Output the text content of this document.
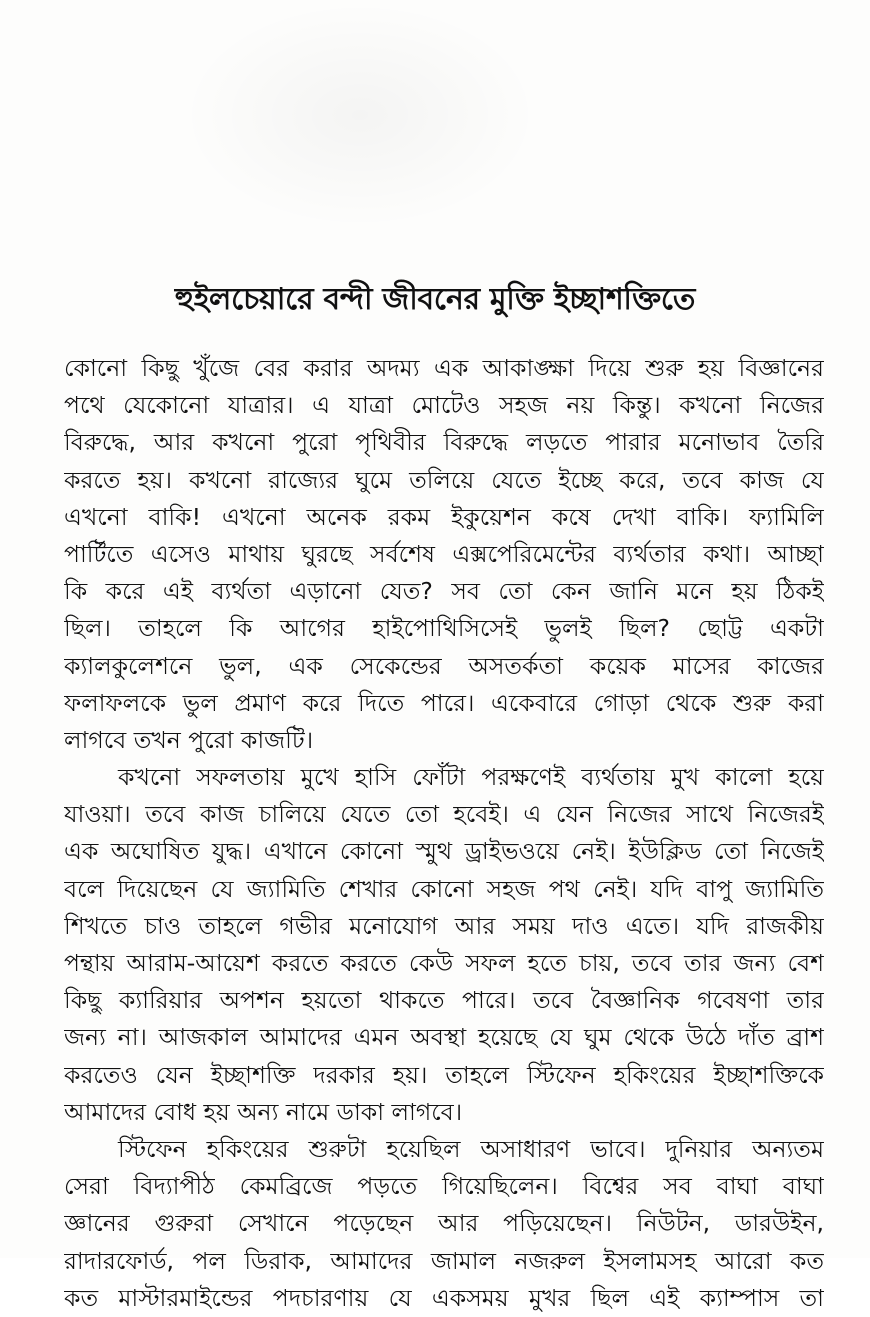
হুইলচেয়ারে বন্দী জীবনের মুক্তি ইচ্ছাশক্তিতে
কোনো কিছু খুঁজে বের করার অদম্য এক আকাঙ্ক্ষা দিয়ে শুরু হয় বিজ্ঞানের
পথে যেকোনো যাত্রার। এ যাত্রা মোটেও সহজ নয় কিন্তু। কখনো নিজের
বিরুদ্ধে, আর কখনো পুরো পৃথিবীর বিরুদ্ধে লড়তে পারার মনোভাব তৈরি
করতে হয়। কখনো রাজ্যের ঘুমে তলিয়ে যেতে ইচ্ছে করে, তবে কাজ যে
এখনো বাকি! এখনো অনেক রকম ইকুয়েশন কষে দেখা বাকি। ফ্যামিলি
পার্টিতে এসেও মাথায় ঘুরছে সর্বশেষ এক্সপেরিমেন্টের ব্যর্থতার কথা। আচ্ছা
কি করে এই ব্যর্থতা এড়ানো যেত? সব তো কেন জানি মনে হয় ঠিকই
ছিল। তাহলে কি আগের হাইপোথিসিসেই ভুলই ছিল? ছোট্ট একটা
ক্যালকুলেশনে ভুল, এক সেকেন্ডের অসতর্কতা কয়েক মাসের কাজের
ফলাফলকে ভুল প্রমাণ করে দিতে পারে। একেবারে গোড়া থেকে শুরু করা
লাগবে তখন পুরো কাজটি।
কখনো সফলতায় মুখে হাসি ফোঁটা পরক্ষণেই ব্যর্থতায় মুখ কালো হয়ে
যাওয়া। তবে কাজ চালিয়ে যেতে তো হবেই। এ যেন নিজের সাথে নিজেরই
এক অঘোষিত যুদ্ধ। এখানে কোনো স্মুথ ড্রাইভওয়ে নেই। ইউক্লিড তো নিজেই
বলে দিয়েছেন যে জ্যামিতি শেখার কোনো সহজ পথ নেই। যদি বাপু জ্যামিতি
শিখতে চাও তাহলে গভীর মনোযোগ আর সময় দাও এতে। যদি রাজকীয়
পন্থায় আরাম-আয়েশ করতে করতে কেউ সফল হতে চায়, তবে তার জন্য বেশ
কিছু ক্যারিয়ার অপশন হয়তো থাকতে পারে। তবে বৈজ্ঞানিক গবেষণা তার
জন্য না। আজকাল আমাদের এমন অবস্থা হয়েছে যে ঘুম থেকে উঠে দাঁত ব্রাশ
করতেও যেন ইচ্ছাশক্তি দরকার হয়। তাহলে স্টিফেন হকিংয়ের ইচ্ছাশক্তিকে
আমাদের বোধ হয় অন্য নামে ডাকা লাগবে।
স্টিফেন হকিংয়ের শুরুটা হয়েছিল অসাধারণ ভাবে। দুনিয়ার অন্যতম
সেরা বিদ্যাপীঠ কেমব্রিজে পড়তে গিয়েছিলেন। বিশ্বের সব বাঘা বাঘা
জ্ঞানের গুরুরা সেখানে পড়েছেন আর পড়িয়েছেন। নিউটন, ডারউইন,
রাদারফোর্ড, পল ডিরাক, আমাদের জামাল নজরুল ইসলামসহ আরো কত
কত মাস্টারমাইন্ডের পদচারণায় যে একসময় মুখর ছিল এই ক্যাম্পাস তা
